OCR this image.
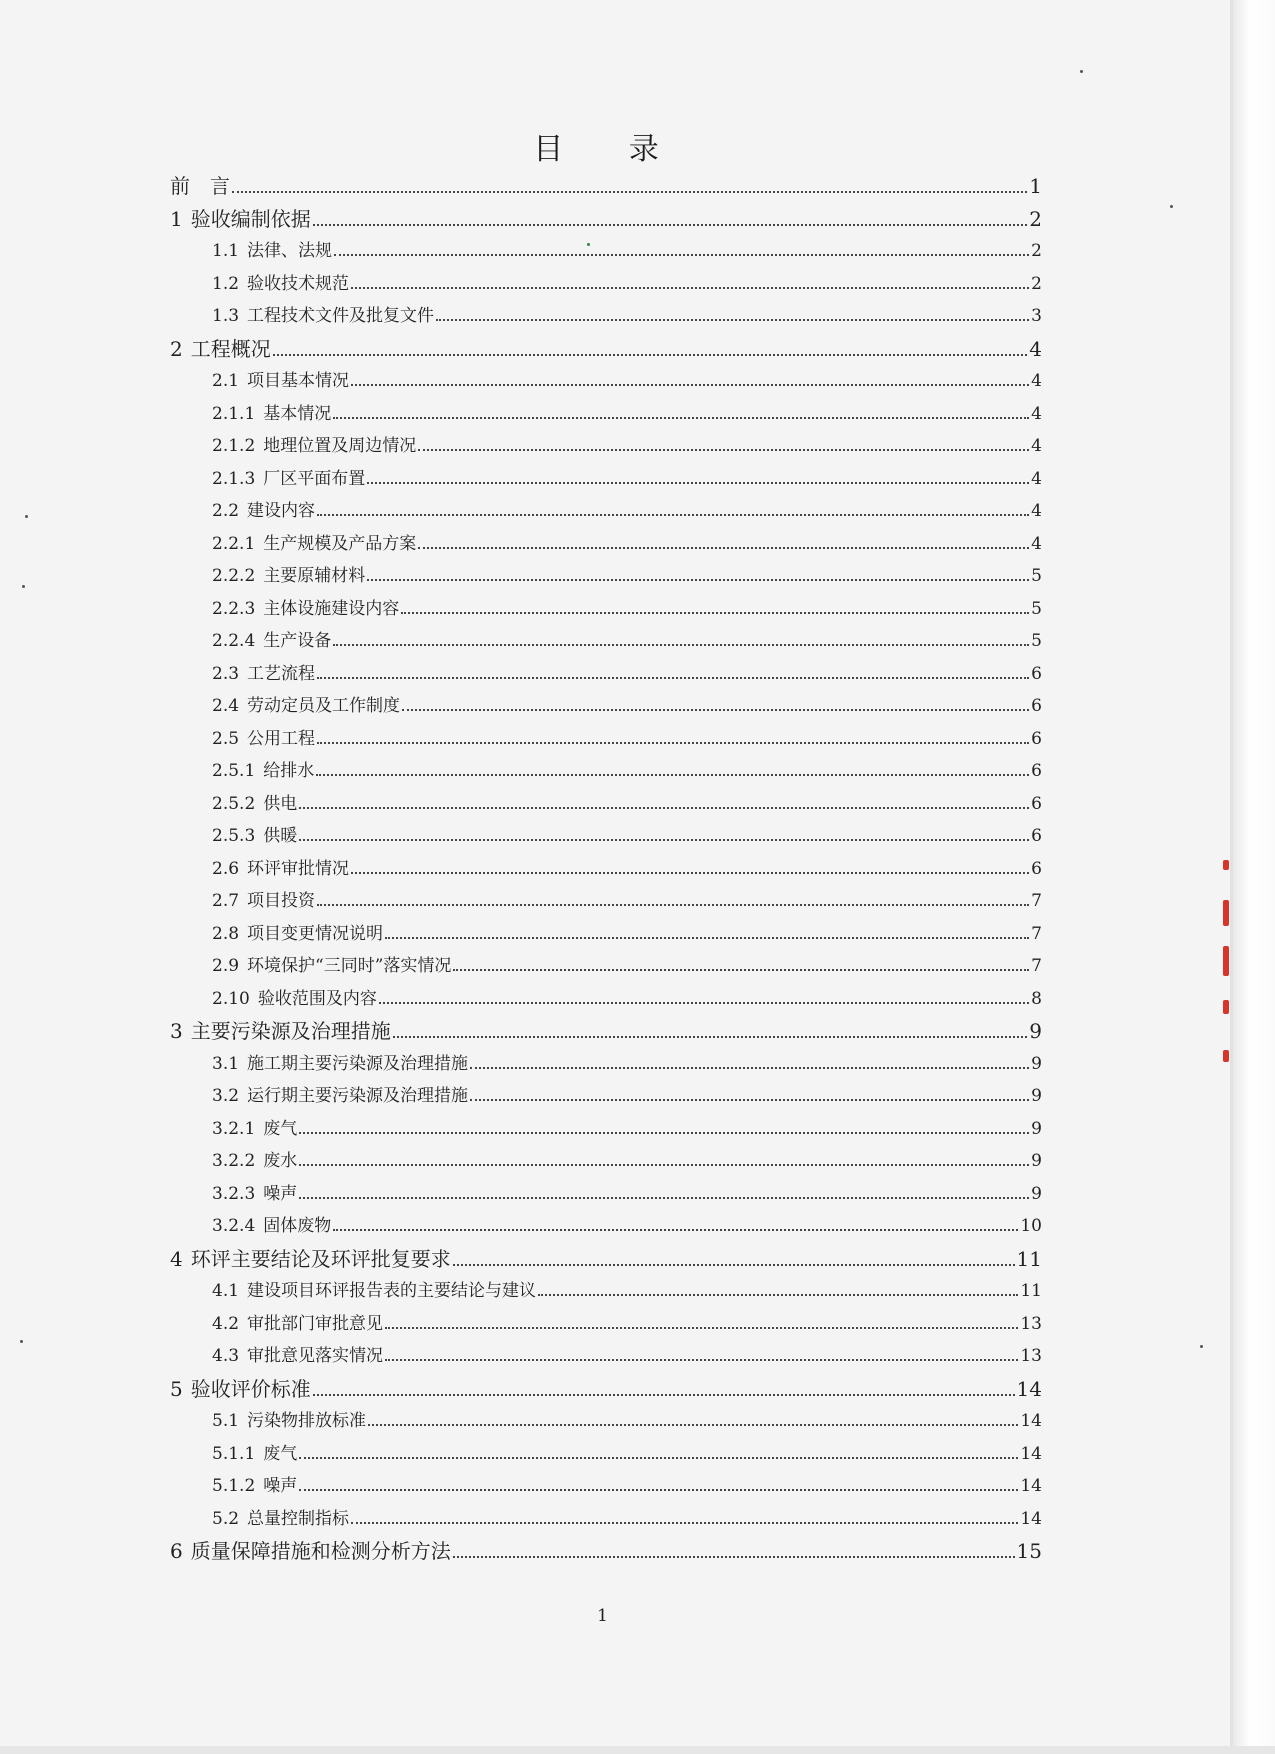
目 录
前　言	1
1 验收编制依据	2
1.1 法律、法规	2
1.2 验收技术规范	2
1.3 工程技术文件及批复文件	3
2 工程概况	4
2.1 项目基本情况	4
2.1.1 基本情况	4
2.1.2 地理位置及周边情况	4
2.1.3 厂区平面布置	4
2.2 建设内容	4
2.2.1 生产规模及产品方案	4
2.2.2 主要原辅材料	5
2.2.3 主体设施建设内容	5
2.2.4 生产设备	5
2.3 工艺流程	6
2.4 劳动定员及工作制度	6
2.5 公用工程	6
2.5.1 给排水	6
2.5.2 供电	6
2.5.3 供暖	6
2.6 环评审批情况	6
2.7 项目投资	7
2.8 项目变更情况说明	7
2.9 环境保护“三同时”落实情况	7
2.10 验收范围及内容	8
3 主要污染源及治理措施	9
3.1 施工期主要污染源及治理措施	9
3.2 运行期主要污染源及治理措施	9
3.2.1 废气	9
3.2.2 废水	9
3.2.3 噪声	9
3.2.4 固体废物	10
4 环评主要结论及环评批复要求	11
4.1 建设项目环评报告表的主要结论与建议	11
4.2 审批部门审批意见	13
4.3 审批意见落实情况	13
5 验收评价标准	14
5.1 污染物排放标准	14
5.1.1 废气	14
5.1.2 噪声	14
5.2 总量控制指标	14
6 质量保障措施和检测分析方法	15
1
